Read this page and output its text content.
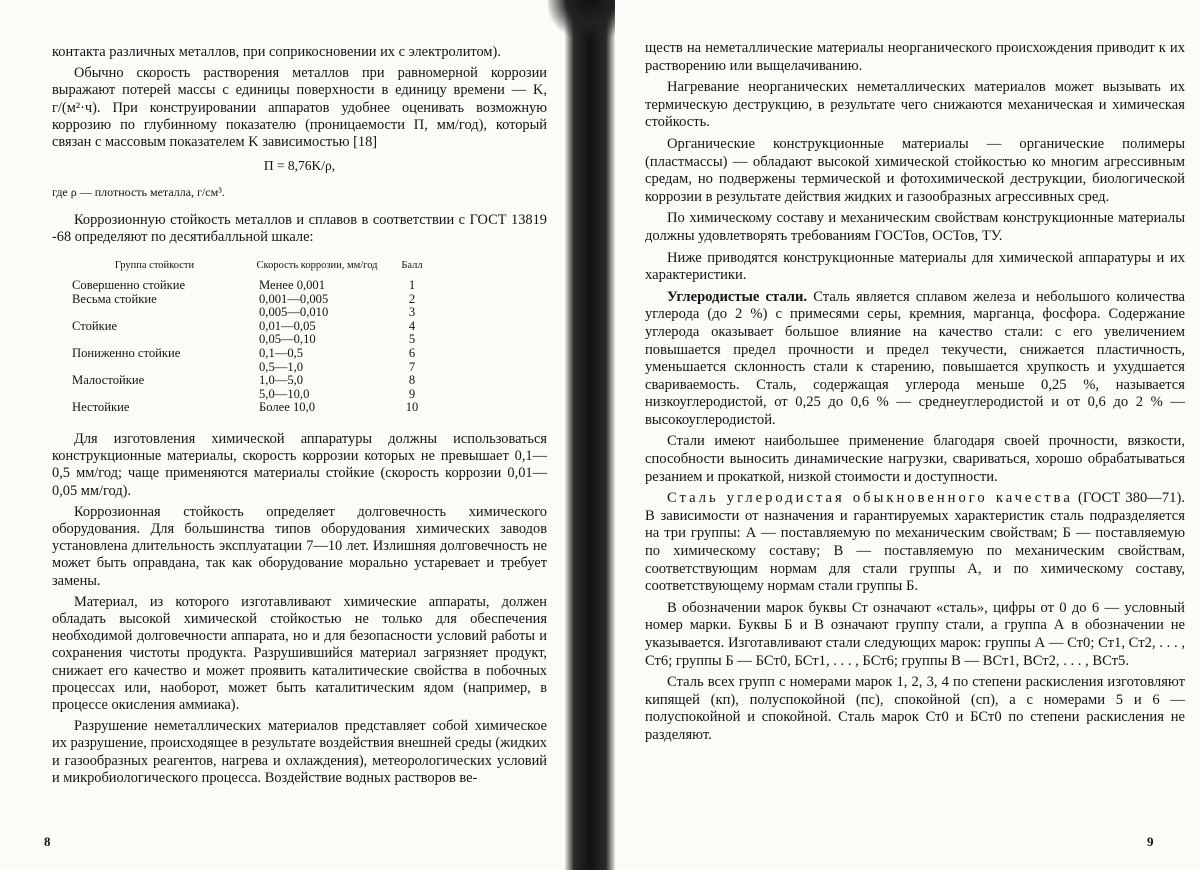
контакта различных металлов, при соприкосновении их с электролитом).

Обычно скорость растворения металлов при равномерной коррозии выражают потерей массы с единицы поверхности в единицу времени — K, г/(м²·ч). При конструировании аппаратов удобнее оценивать возможную коррозию по глубинному показателю (проницаемости П, мм/год), который связан с массовым показателем K зависимостью [18]

П = 8,76K/ρ,
где ρ — плотность металла, г/см³.

Коррозионную стойкость металлов и сплавов в соответствии с ГОСТ 13819 -68 определяют по десятибалльной шкале:

Группа стойкости	Скорость коррозии, мм/год	Балл
Совершенно стойкие	Менее 0,001	1
Весьма стойкие	0,001—0,005	2
	0,005—0,010	3
Стойкие	0,01—0,05	4
	0,05—0,10	5
Пониженно стойкие	0,1—0,5	6
	0,5—1,0	7
Малостойкие	1,0—5,0	8
	5,0—10,0	9
Нестойкие	Более 10,0	10

Для изготовления химической аппаратуры должны использоваться конструкционные материалы, скорость коррозии которых не превышает 0,1—0,5 мм/год; чаще применяются материалы стойкие (скорость коррозии 0,01—0,05 мм/год).

Коррозионная стойкость определяет долговечность химического оборудования. Для большинства типов оборудования химических заводов установлена длительность эксплуатации 7—10 лет. Излишняя долговечность не может быть оправдана, так как оборудование морально устаревает и требует замены.

Материал, из которого изготавливают химические аппараты, должен обладать высокой химической стойкостью не только для обеспечения необходимой долговечности аппарата, но и для безопасности условий работы и сохранения чистоты продукта. Разрушившийся материал загрязняет продукт, снижает его качество и может проявить каталитические свойства в побочных процессах или, наоборот, может быть каталитическим ядом (например, в процессе окисления аммиака).

Разрушение неметаллических материалов представляет собой химическое их разрушение, происходящее в результате воздействия внешней среды (жидких и газообразных реагентов, нагрева и охлаждения), метеорологических условий и микробиологического процесса. Воздействие водных растворов ве-

8

ществ на неметаллические материалы неорганического происхождения приводит к их растворению или выщелачиванию.

Нагревание неорганических неметаллических материалов может вызывать их термическую деструкцию, в результате чего снижаются механическая и химическая стойкость.

Органические конструкционные материалы — органические полимеры (пластмассы) — обладают высокой химической стойкостью ко многим агрессивным средам, но подвержены термической и фотохимической деструкции, биологической коррозии в результате действия жидких и газообразных агрессивных сред.

По химическому составу и механическим свойствам конструкционные материалы должны удовлетворять требованиям ГОСТов, ОСТов, ТУ.

Ниже приводятся конструкционные материалы для химической аппаратуры и их характеристики.

Углеродистые стали. Сталь является сплавом железа и небольшого количества углерода (до 2 %) с примесями серы, кремния, марганца, фосфора. Содержание углерода оказывает большое влияние на качество стали: с его увеличением повышается предел прочности и предел текучести, снижается пластичность, уменьшается склонность стали к старению, повышается хрупкость и ухудшается свариваемость. Сталь, содержащая углерода меньше 0,25 %, называется низкоуглеродистой, от 0,25 до 0,6 % — среднеуглеродистой и от 0,6 до 2 % — высокоуглеродистой.

Стали имеют наибольшее применение благодаря своей прочности, вязкости, способности выносить динамические нагрузки, свариваться, хорошо обрабатываться резанием и прокаткой, низкой стоимости и доступности.

Сталь углеродистая обыкновенного качества (ГОСТ 380—71). В зависимости от назначения и гарантируемых характеристик сталь подразделяется на три группы: А — поставляемую по механическим свойствам; Б — поставляемую по химическому составу; В — поставляемую по механическим свойствам, соответствующим нормам для стали группы А, и по химическому составу, соответствующему нормам стали группы Б.

В обозначении марок буквы Ст означают «сталь», цифры от 0 до 6 — условный номер марки. Буквы Б и В означают группу стали, а группа А в обозначении не указывается. Изготавливают стали следующих марок: группы А — Ст0; Ст1, Ст2, . . . , Ст6; группы Б — БСт0, БСт1, . . . , БСт6; группы В — ВСт1, ВСт2, . . . , ВСт5.

Сталь всех групп с номерами марок 1, 2, 3, 4 по степени раскисления изготовляют кипящей (кп), полуспокойной (пс), спокойной (сп), а с номерами 5 и 6 — полуспокойной и спокойной. Сталь марок Ст0 и БСт0 по степени раскисления не разделяют.

9
